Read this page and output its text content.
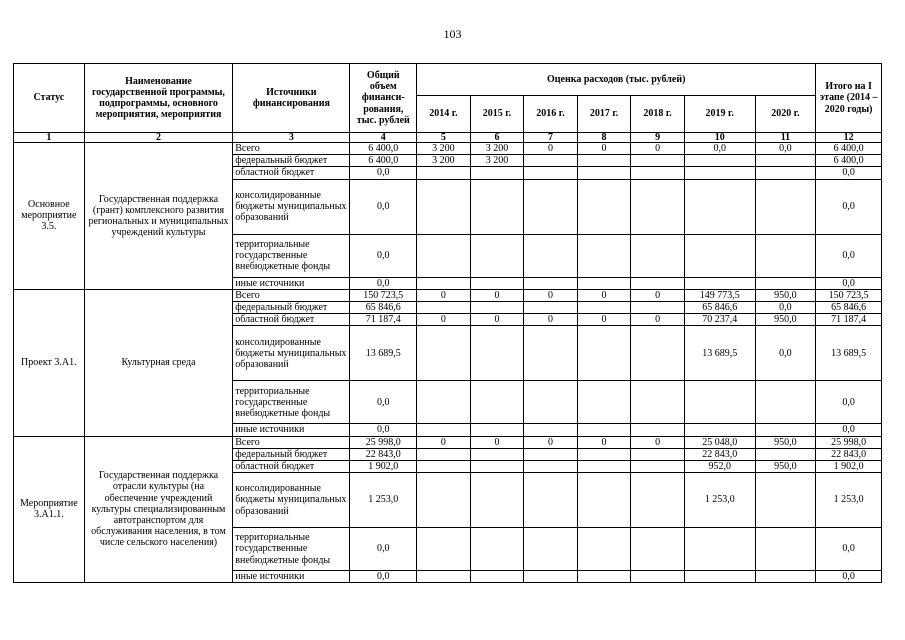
103
Статус	Наименование государственной программы, подпрограммы, основного мероприятия, мероприятия	Источники финансирования	Общий объем финанси-рования, тыс. рублей	Оценка расходов (тыс. рублей)							Итого на I этапе (2014 – 2020 годы)
				2014 г.	2015 г.	2016 г.	2017 г.	2018 г.	2019 г.	2020 г.	
1	2	3	4	5	6	7	8	9	10	11	12
Основное мероприятие 3.5.	Государственная поддержка (грант) комплексного развития региональных и муниципальных учреждений культуры	Всего	6 400,0	3 200	3 200	0	0	0	0,0	0,0	6 400,0
		федеральный бюджет	6 400,0	3 200	3 200						6 400,0
		областной бюджет	0,0								0,0
		консолидированные бюджеты муниципальных образований	0,0								0,0
		территориальные государственные внебюджетные фонды	0,0								0,0
		иные источники	0,0								0,0
Проект 3.А1.	Культурная среда	Всего	150 723,5	0	0	0	0	0	149 773,5	950,0	150 723,5
		федеральный бюджет	65 846,6						65 846,6	0,0	65 846,6
		областной бюджет	71 187,4	0	0	0	0	0	70 237,4	950,0	71 187,4
		консолидированные бюджеты муниципальных образований	13 689,5						13 689,5	0,0	13 689,5
		территориальные государственные внебюджетные фонды	0,0								0,0
		иные источники	0,0								0,0
Мероприятие 3.А1.1.	Государственная поддержка отрасли культуры (на обеспечение учреждений культуры специализированным автотранспортом для обслуживания населения, в том числе сельского населения)	Всего	25 998,0	0	0	0	0	0	25 048,0	950,0	25 998,0
		федеральный бюджет	22 843,0						22 843,0		22 843,0
		областной бюджет	1 902,0						952,0	950,0	1 902,0
		консолидированные бюджеты муниципальных образований	1 253,0						1 253,0		1 253,0
		территориальные государственные внебюджетные фонды	0,0								0,0
		иные источники	0,0								0,0
